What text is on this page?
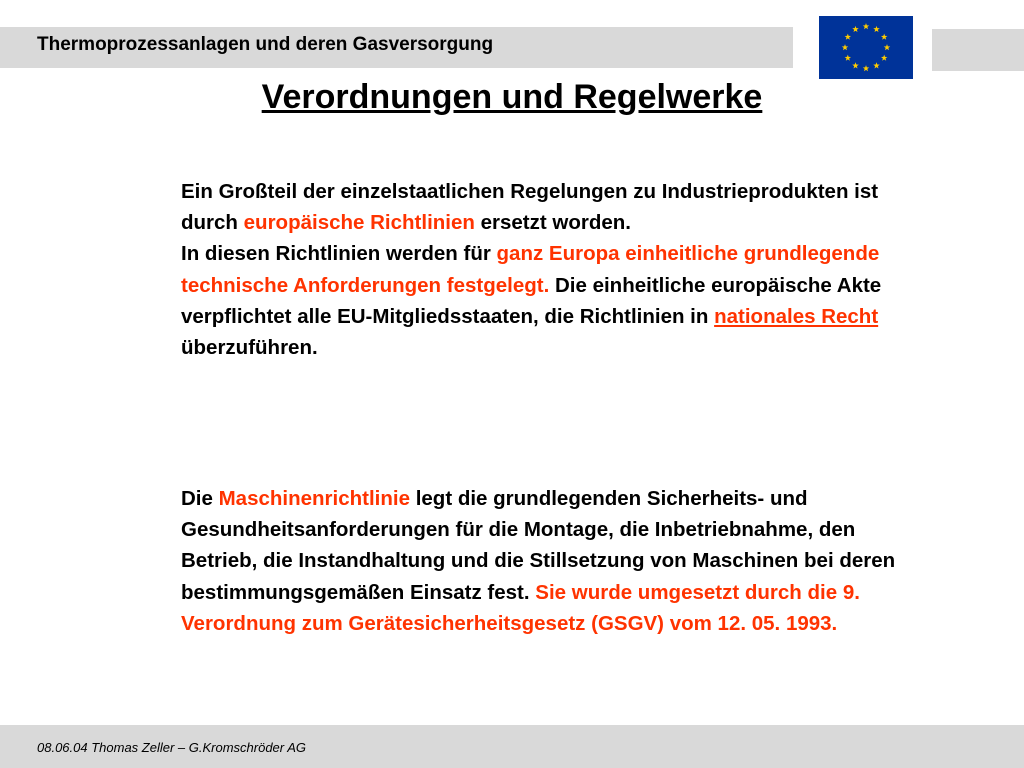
Thermoprozessanlagen und deren Gasversorgung
Verordnungen und Regelwerke
Ein Großteil der einzelstaatlichen Regelungen zu Industrieprodukten ist durch europäische Richtlinien ersetzt worden.
In diesen Richtlinien werden für ganz Europa einheitliche grundlegende technische Anforderungen festgelegt. Die einheitliche europäische Akte verpflichtet alle EU-Mitgliedsstaaten, die Richtlinien in nationales Recht überzuführen.
Die Maschinenrichtlinie legt die grundlegenden Sicherheits- und Gesundheitsanforderungen für die Montage, die Inbetriebnahme, den Betrieb, die Instandhaltung und die Stillsetzung von Maschinen bei deren bestimmungsgemäßen Einsatz fest. Sie wurde umgesetzt durch die 9. Verordnung zum Gerätesicherheitsgesetz (GSGV) vom 12. 05. 1993.
08.06.04 Thomas Zeller – G.Kromschröder AG
